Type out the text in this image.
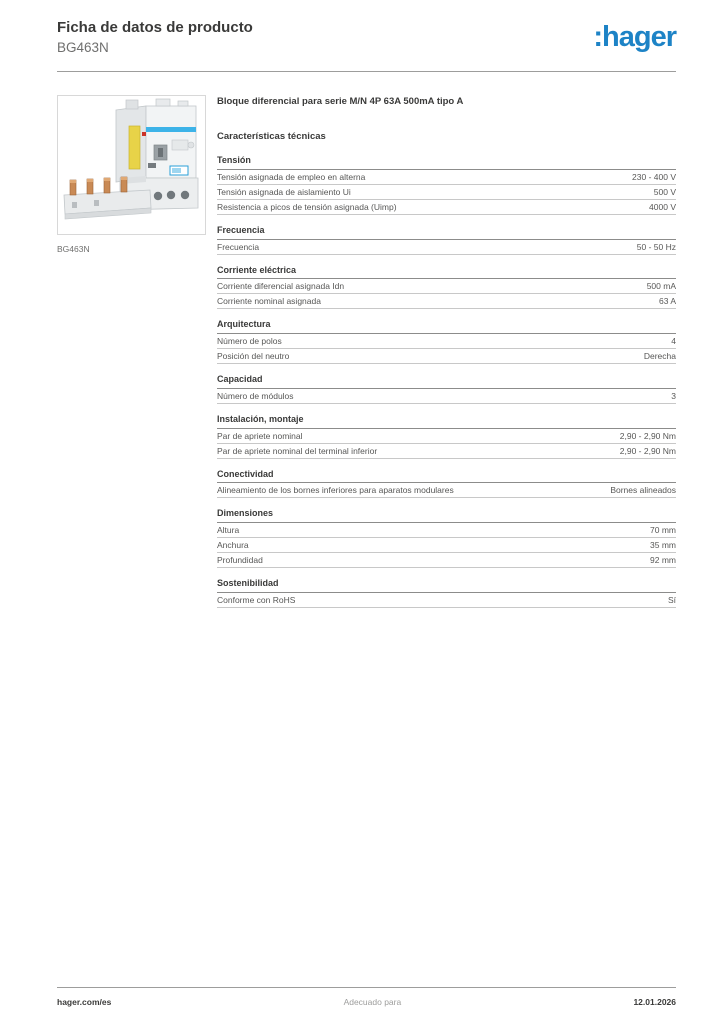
Ficha de datos de producto
BG463N	:hager
BG463N
Bloque diferencial para serie M/N 4P 63A 500mA tipo A
Características técnicas
Tensión
Tensión asignada de empleo en alterna	230 - 400 V
Tensión asignada de aislamiento Ui	500 V
Resistencia a picos de tensión asignada (Uimp)	4000 V
Frecuencia
Frecuencia	50 - 50 Hz
Corriente eléctrica
Corriente diferencial asignada Idn	500 mA
Corriente nominal asignada	63 A
Arquitectura
Número de polos	4
Posición del neutro	Derecha
Capacidad
Número de módulos	3
Instalación, montaje
Par de apriete nominal	2,90 - 2,90 Nm
Par de apriete nominal del terminal inferior	2,90 - 2,90 Nm
Conectividad
Alineamiento de los bornes inferiores para aparatos modulares	Bornes alineados
Dimensiones
Altura	70 mm
Anchura	35 mm
Profundidad	92 mm
Sostenibilidad
Conforme con RoHS	Sí
hager.com/es	Adecuado para	12.01.2026
